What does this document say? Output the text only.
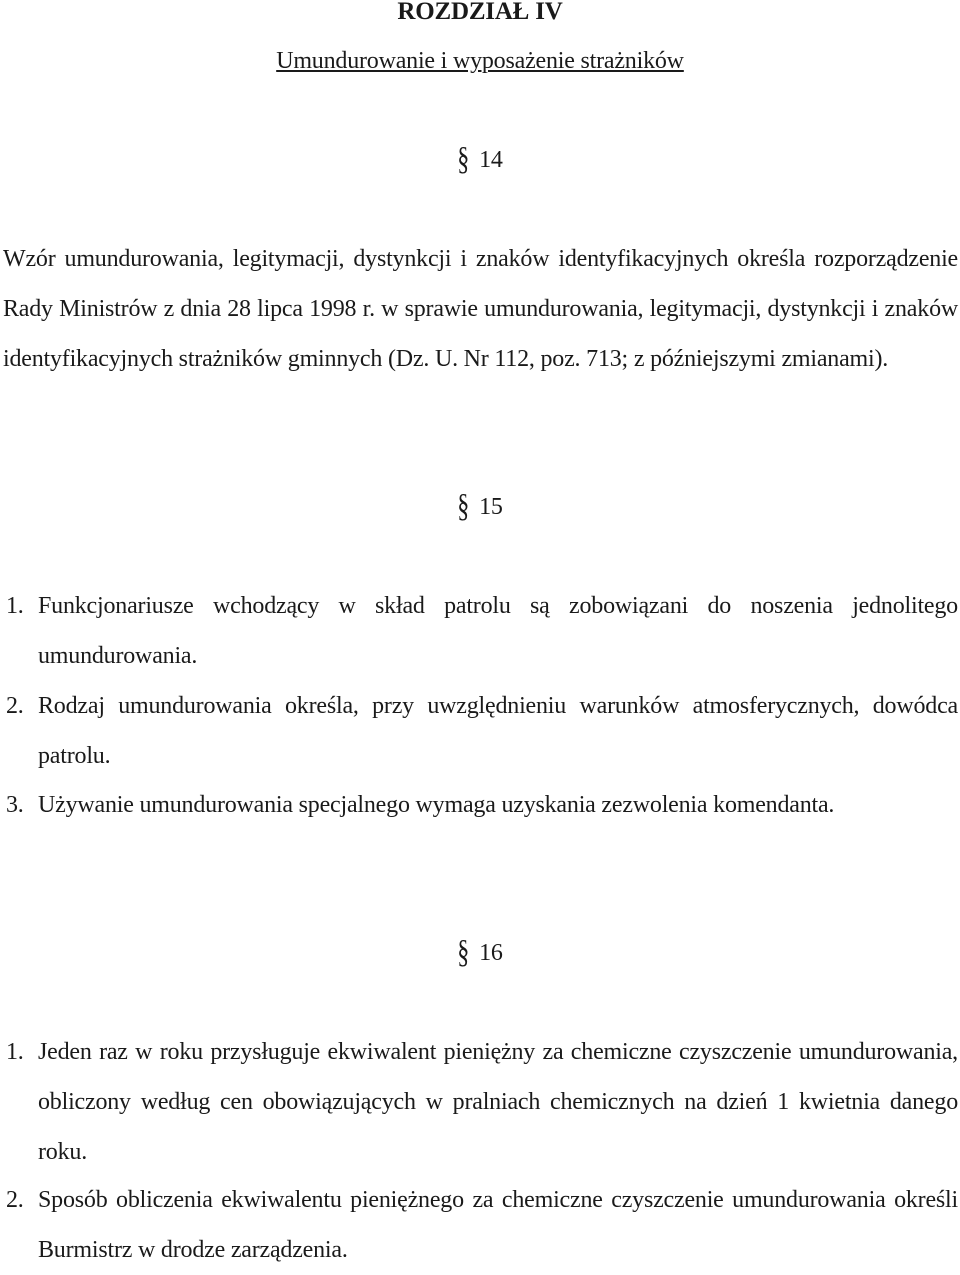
ROZDZIAŁ IV
Umundurowanie i wyposażenie strażników
§ 14

Wzór umundurowania, legitymacji, dystynkcji i znaków identyfikacyjnych określa rozporządzenie Rady Ministrów z dnia 28 lipca 1998 r. w sprawie umundurowania, legitymacji, dystynkcji i znaków identyfikacyjnych strażników gminnych (Dz. U. Nr 112, poz. 713; z późniejszymi zmianami).

§ 15

1. Funkcjonariusze wchodzący w skład patrolu są zobowiązani do noszenia jednolitego umundurowania.

2. Rodzaj umundurowania określa, przy uwzględnieniu warunków atmosferycznych, dowódca patrolu.

3. Używanie umundurowania specjalnego wymaga uzyskania zezwolenia komendanta.

§ 16

1. Jeden raz w roku przysługuje ekwiwalent pieniężny za chemiczne czyszczenie umundurowania, obliczony według cen obowiązujących w pralniach chemicznych na dzień 1 kwietnia danego roku.

2. Sposób obliczenia ekwiwalentu pieniężnego za chemiczne czyszczenie umundurowania określi Burmistrz w drodze zarządzenia.
